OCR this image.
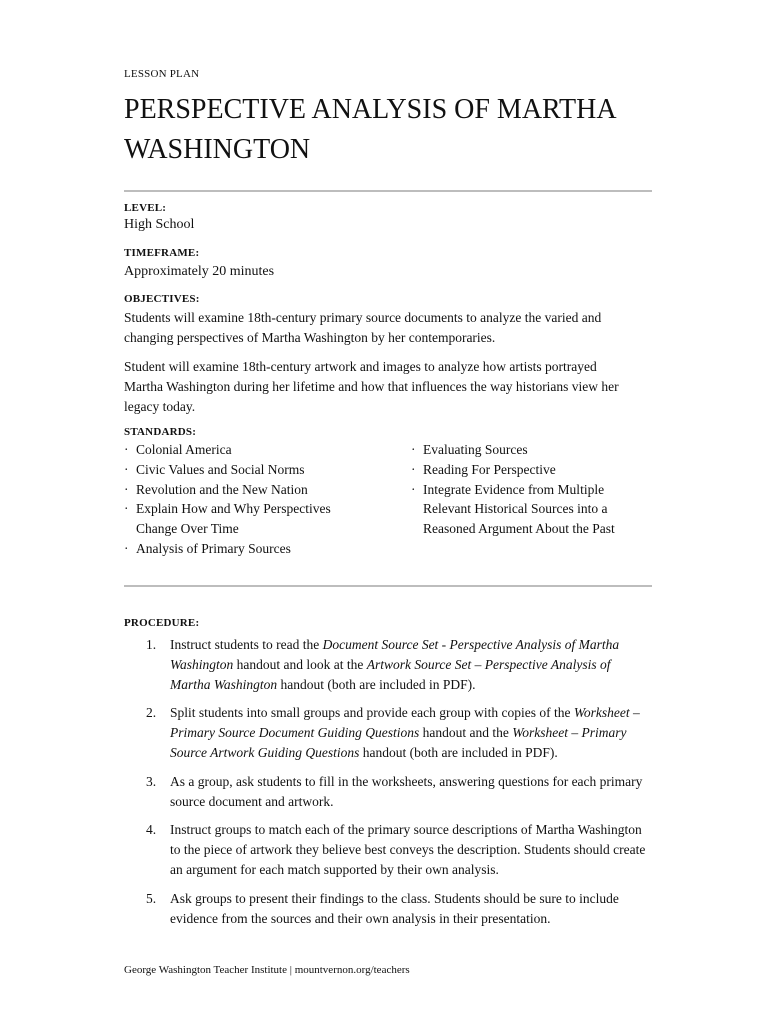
LESSON PLAN
PERSPECTIVE ANALYSIS OF MARTHA WASHINGTON
LEVEL:
High School
TIMEFRAME:
Approximately 20 minutes
OBJECTIVES:

Students will examine 18th-century primary source documents to analyze the varied and changing perspectives of Martha Washington by her contemporaries.

Student will examine 18th-century artwork and images to analyze how artists portrayed Martha Washington during her lifetime and how that influences the way historians view her legacy today.

STANDARDS:
· Colonial America
· Civic Values and Social Norms
· Revolution and the New Nation
· Explain How and Why Perspectives Change Over Time
· Analysis of Primary Sources
· Evaluating Sources
· Reading For Perspective
· Integrate Evidence from Multiple Relevant Historical Sources into a Reasoned Argument About the Past
PROCEDURE:
1. Instruct students to read the Document Source Set - Perspective Analysis of Martha Washington handout and look at the Artwork Source Set – Perspective Analysis of Martha Washington handout (both are included in PDF).
2. Split students into small groups and provide each group with copies of the Worksheet – Primary Source Document Guiding Questions handout and the Worksheet – Primary Source Artwork Guiding Questions handout (both are included in PDF).
3. As a group, ask students to fill in the worksheets, answering questions for each primary source document and artwork.
4. Instruct groups to match each of the primary source descriptions of Martha Washington to the piece of artwork they believe best conveys the description. Students should create an argument for each match supported by their own analysis.
5. Ask groups to present their findings to the class. Students should be sure to include evidence from the sources and their own analysis in their presentation.
George Washington Teacher Institute | mountvernon.org/teachers
